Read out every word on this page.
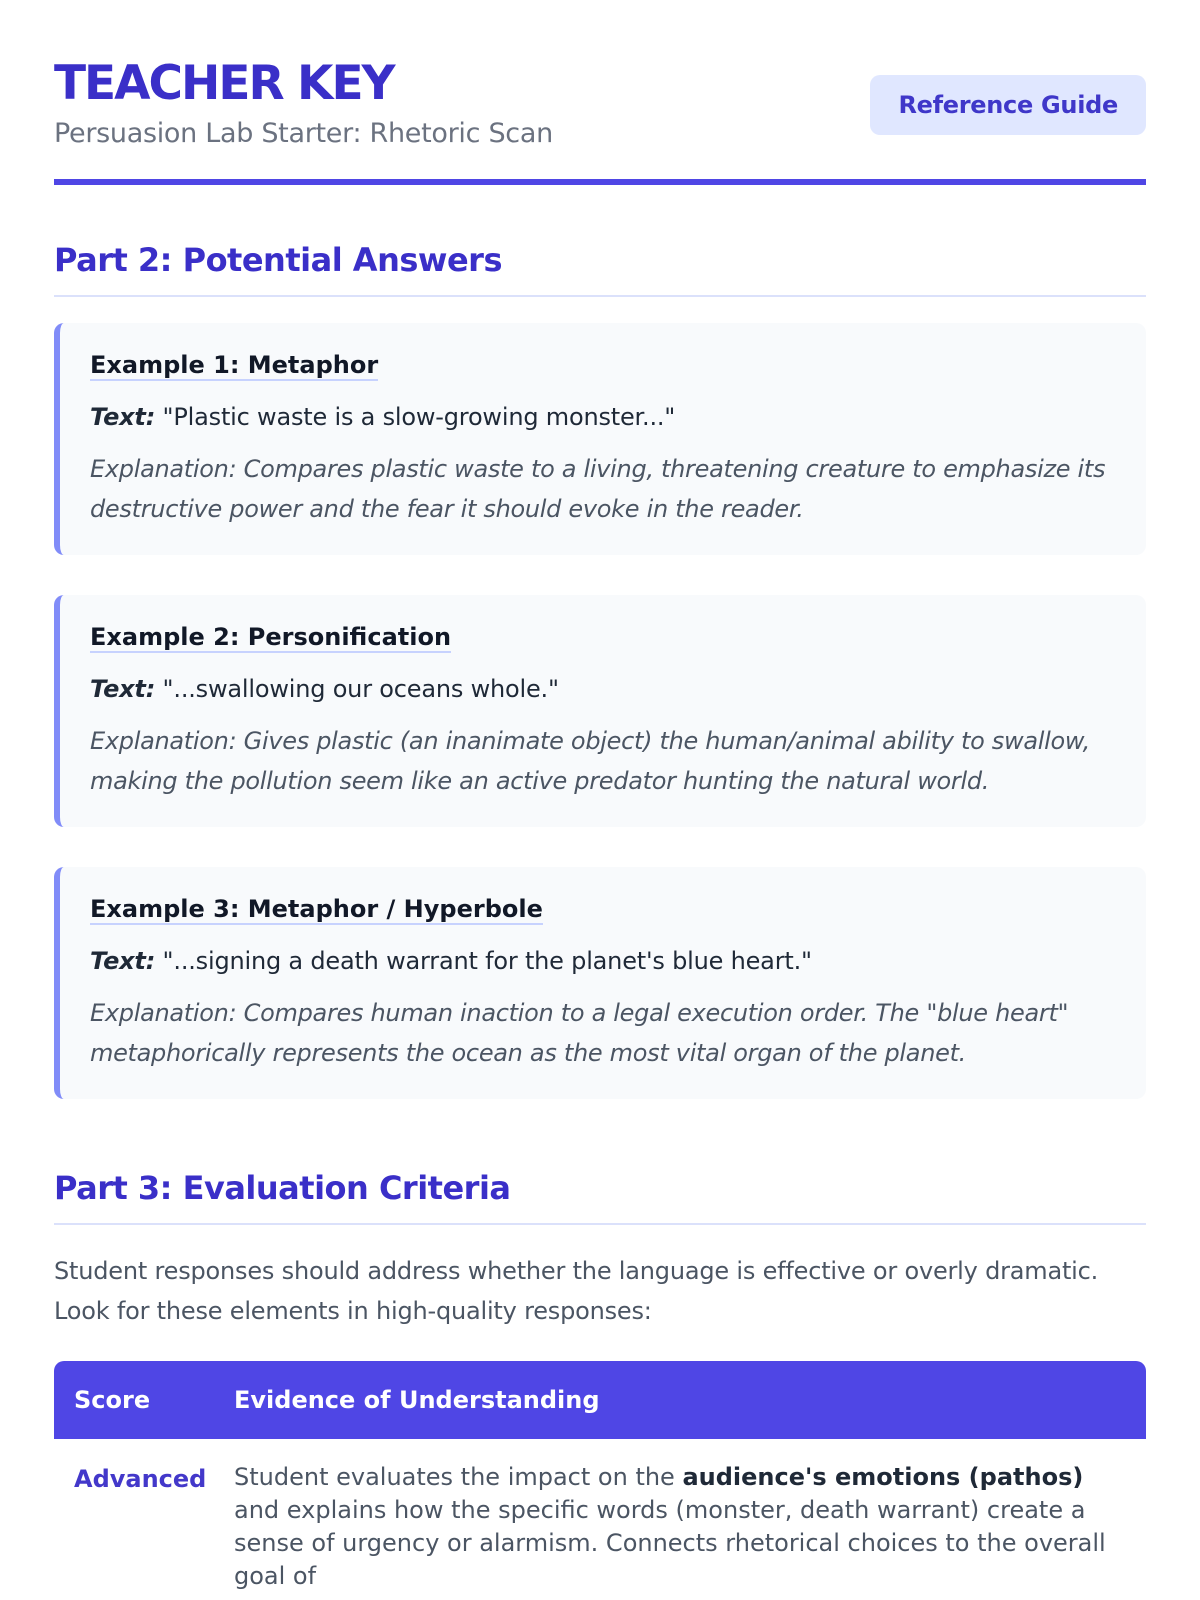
TEACHER KEY
Persuasion Lab Starter: Rhetoric Scan
Reference Guide
Part 2: Potential Answers
Example 1: Metaphor
Text: "Plastic waste is a slow-growing monster..."
Explanation: Compares plastic waste to a living, threatening creature to emphasize its destructive power and the fear it should evoke in the reader.
Example 2: Personification
Text: "...swallowing our oceans whole."
Explanation: Gives plastic (an inanimate object) the human/animal ability to swallow, making the pollution seem like an active predator hunting the natural world.
Example 3: Metaphor / Hyperbole
Text: "...signing a death warrant for the planet's blue heart."
Explanation: Compares human inaction to a legal execution order. The "blue heart" metaphorically represents the ocean as the most vital organ of the planet.
Part 3: Evaluation Criteria
Student responses should address whether the language is effective or overly dramatic. Look for these elements in high-quality responses:
Score	Evidence of Understanding
Advanced	Student evaluates the impact on the audience's emotions (pathos) and explains how the specific words (monster, death warrant) create a sense of urgency or alarmism. Connects rhetorical choices to the overall goal of
